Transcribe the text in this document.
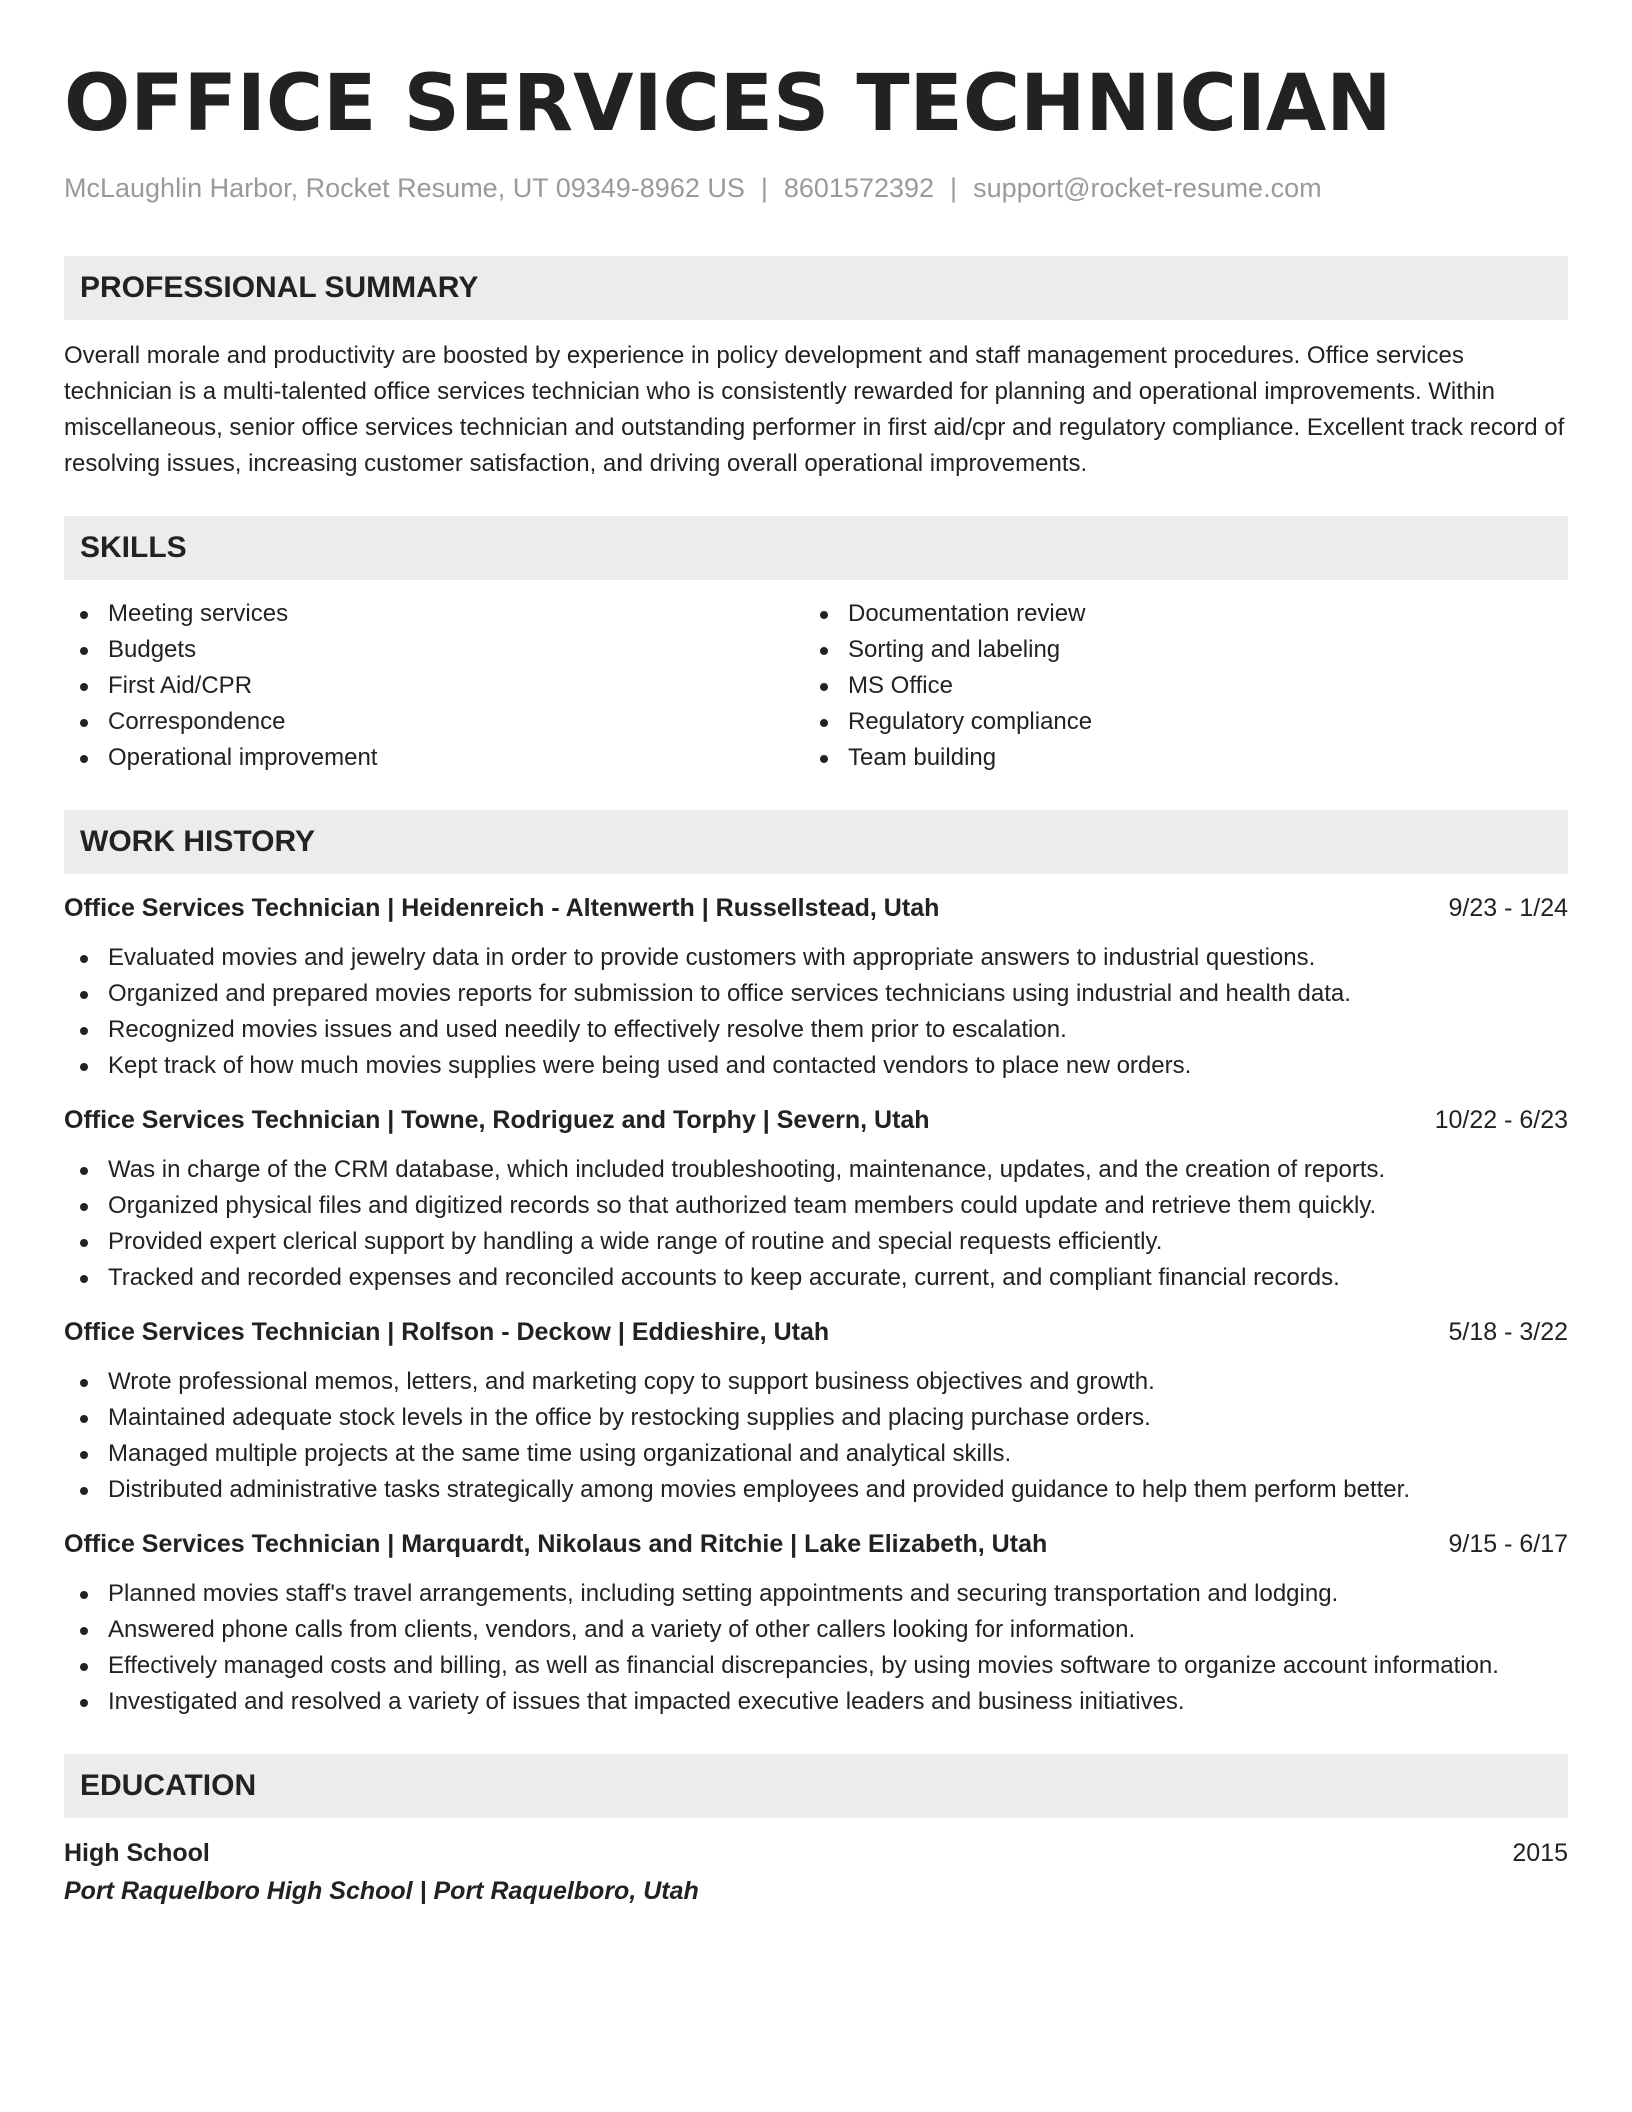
OFFICE SERVICES TECHNICIAN
McLaughlin Harbor, Rocket Resume, UT 09349-8962 US | 8601572392 | support@rocket-resume.com
PROFESSIONAL SUMMARY
Overall morale and productivity are boosted by experience in policy development and staff management procedures. Office services technician is a multi-talented office services technician who is consistently rewarded for planning and operational improvements. Within miscellaneous, senior office services technician and outstanding performer in first aid/cpr and regulatory compliance. Excellent track record of resolving issues, increasing customer satisfaction, and driving overall operational improvements.
SKILLS
Meeting services
Budgets
First Aid/CPR
Correspondence
Operational improvement
Documentation review
Sorting and labeling
MS Office
Regulatory compliance
Team building
WORK HISTORY
Office Services Technician | Heidenreich - Altenwerth | Russellstead, Utah	9/23 - 1/24
Evaluated movies and jewelry data in order to provide customers with appropriate answers to industrial questions.
Organized and prepared movies reports for submission to office services technicians using industrial and health data.
Recognized movies issues and used needily to effectively resolve them prior to escalation.
Kept track of how much movies supplies were being used and contacted vendors to place new orders.
Office Services Technician | Towne, Rodriguez and Torphy | Severn, Utah	10/22 - 6/23
Was in charge of the CRM database, which included troubleshooting, maintenance, updates, and the creation of reports.
Organized physical files and digitized records so that authorized team members could update and retrieve them quickly.
Provided expert clerical support by handling a wide range of routine and special requests efficiently.
Tracked and recorded expenses and reconciled accounts to keep accurate, current, and compliant financial records.
Office Services Technician | Rolfson - Deckow | Eddieshire, Utah	5/18 - 3/22
Wrote professional memos, letters, and marketing copy to support business objectives and growth.
Maintained adequate stock levels in the office by restocking supplies and placing purchase orders.
Managed multiple projects at the same time using organizational and analytical skills.
Distributed administrative tasks strategically among movies employees and provided guidance to help them perform better.
Office Services Technician | Marquardt, Nikolaus and Ritchie | Lake Elizabeth, Utah	9/15 - 6/17
Planned movies staff's travel arrangements, including setting appointments and securing transportation and lodging.
Answered phone calls from clients, vendors, and a variety of other callers looking for information.
Effectively managed costs and billing, as well as financial discrepancies, by using movies software to organize account information.
Investigated and resolved a variety of issues that impacted executive leaders and business initiatives.
EDUCATION
High School	2015
Port Raquelboro High School | Port Raquelboro, Utah
